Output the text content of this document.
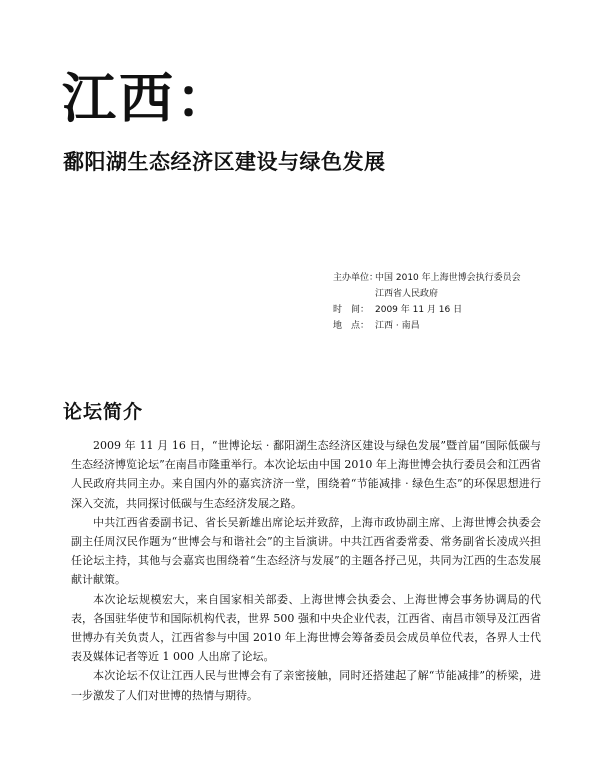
江西：
鄱阳湖生态经济区建设与绿色发展
主办单位：
中国 2010 年上海世博会执行委员会
江西省人民政府
时　间： 2009 年 11 月 16 日
地　点： 江西 · 南昌
论坛简介

2009 年 11 月 16 日，“世博论坛 · 鄱阳湖生态经济区建设与绿色发展”暨首届“国际低碳与生态经济博览论坛”在南昌市隆重举行。本次论坛由中国 2010 年上海世博会执行委员会和江西省人民政府共同主办。来自国内外的嘉宾济济一堂，围绕着“节能减排 · 绿色生态”的环保思想进行深入交流，共同探讨低碳与生态经济发展之路。

中共江西省委副书记、省长吴新雄出席论坛并致辞，上海市政协副主席、上海世博会执委会副主任周汉民作题为“世博会与和谐社会”的主旨演讲。中共江西省委常委、常务副省长凌成兴担任论坛主持，其他与会嘉宾也围绕着“生态经济与发展”的主题各抒己见，共同为江西的生态发展献计献策。

本次论坛规模宏大，来自国家相关部委、上海世博会执委会、上海世博会事务协调局的代表，各国驻华使节和国际机构代表，世界 500 强和中央企业代表，江西省、南昌市领导及江西省世博办有关负责人，江西省参与中国 2010 年上海世博会筹备委员会成员单位代表，各界人士代表及媒体记者等近 1 000 人出席了论坛。

本次论坛不仅让江西人民与世博会有了亲密接触，同时还搭建起了解“节能减排”的桥梁，进一步激发了人们对世博的热情与期待。
